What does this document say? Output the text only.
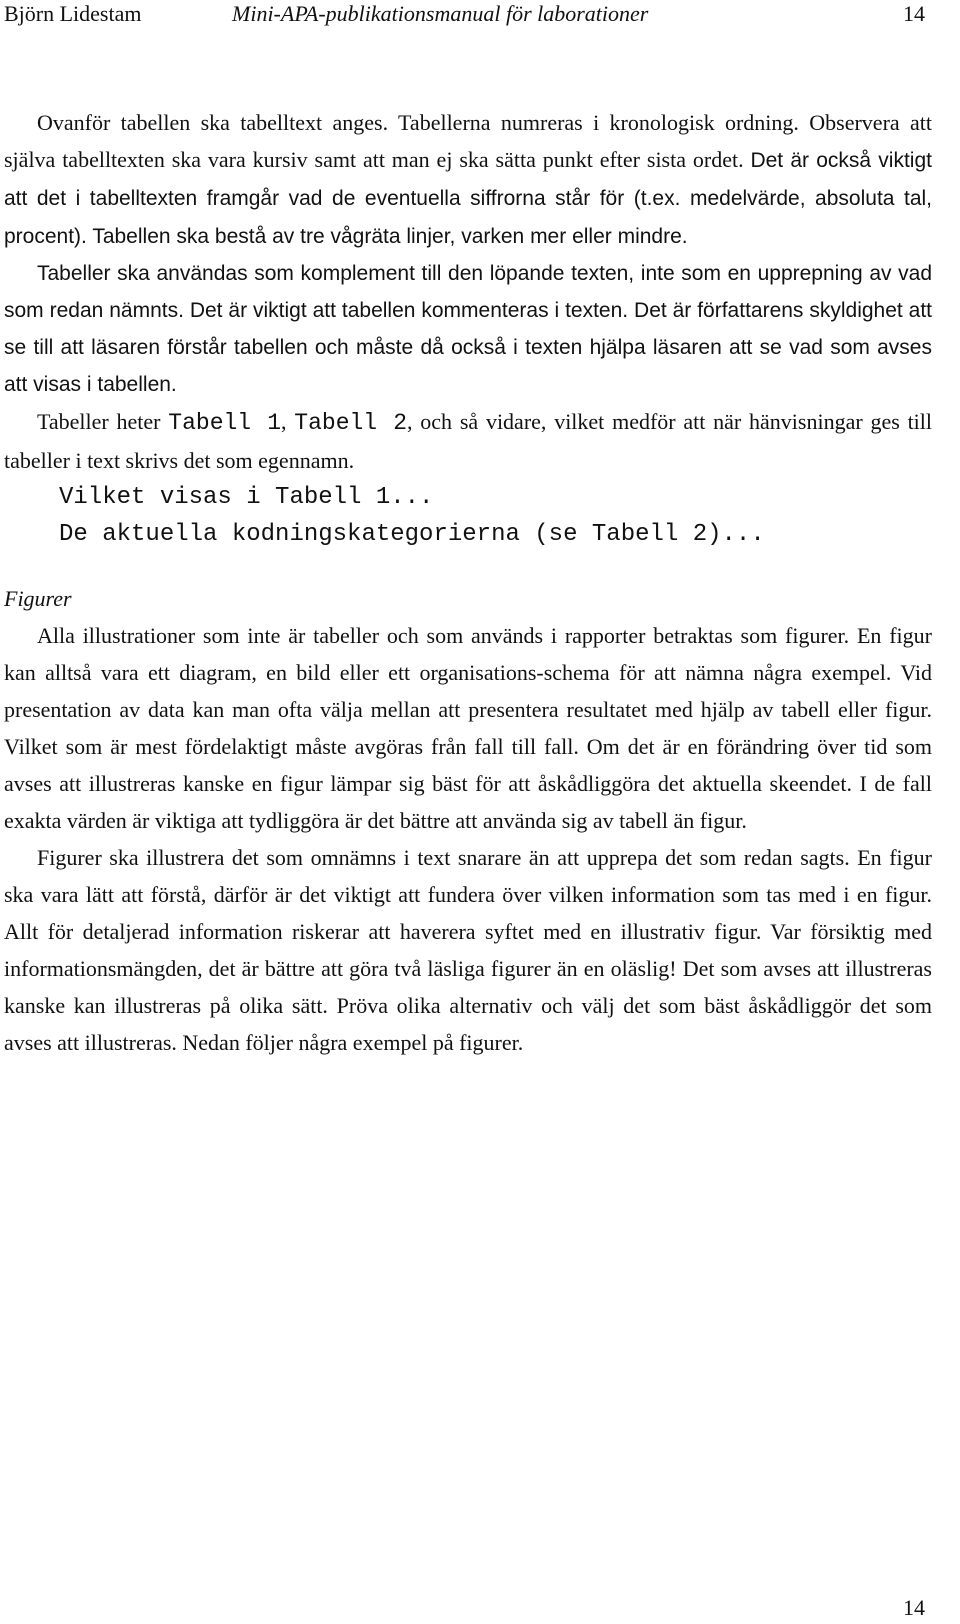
Björn Lidestam	Mini-APA-publikationsmanual för laborationer	14

Ovanför tabellen ska tabelltext anges. Tabellerna numreras i kronologisk ordning. Observera att själva tabelltexten ska vara kursiv samt att man ej ska sätta punkt efter sista ordet. Det är också viktigt att det i tabelltexten framgår vad de eventuella siffrorna står för (t.ex. medelvärde, absoluta tal, procent). Tabellen ska bestå av tre vågräta linjer, varken mer eller mindre.

Tabeller ska användas som komplement till den löpande texten, inte som en upprepning av vad som redan nämnts. Det är viktigt att tabellen kommenteras i texten. Det är författarens skyldighet att se till att läsaren förstår tabellen och måste då också i texten hjälpa läsaren att se vad som avses att visas i tabellen.

Tabeller heter Tabell 1, Tabell 2, och så vidare, vilket medför att när hänvisningar ges till tabeller i text skrivs det som egennamn.

Vilket visas i Tabell 1...

De aktuella kodningskategorierna (se Tabell 2)...

Figurer

Alla illustrationer som inte är tabeller och som används i rapporter betraktas som figurer. En figur kan alltså vara ett diagram, en bild eller ett organisations-schema för att nämna några exempel. Vid presentation av data kan man ofta välja mellan att presentera resultatet med hjälp av tabell eller figur. Vilket som är mest fördelaktigt måste avgöras från fall till fall. Om det är en förändring över tid som avses att illustreras kanske en figur lämpar sig bäst för att åskådliggöra det aktuella skeendet. I de fall exakta värden är viktiga att tydliggöra är det bättre att använda sig av tabell än figur.

Figurer ska illustrera det som omnämns i text snarare än att upprepa det som redan sagts. En figur ska vara lätt att förstå, därför är det viktigt att fundera över vilken information som tas med i en figur. Allt för detaljerad information riskerar att haverera syftet med en illustrativ figur. Var försiktig med informationsmängden, det är bättre att göra två läsliga figurer än en oläslig! Det som avses att illustreras kanske kan illustreras på olika sätt. Pröva olika alternativ och välj det som bäst åskådliggör det som avses att illustreras. Nedan följer några exempel på figurer.

14
